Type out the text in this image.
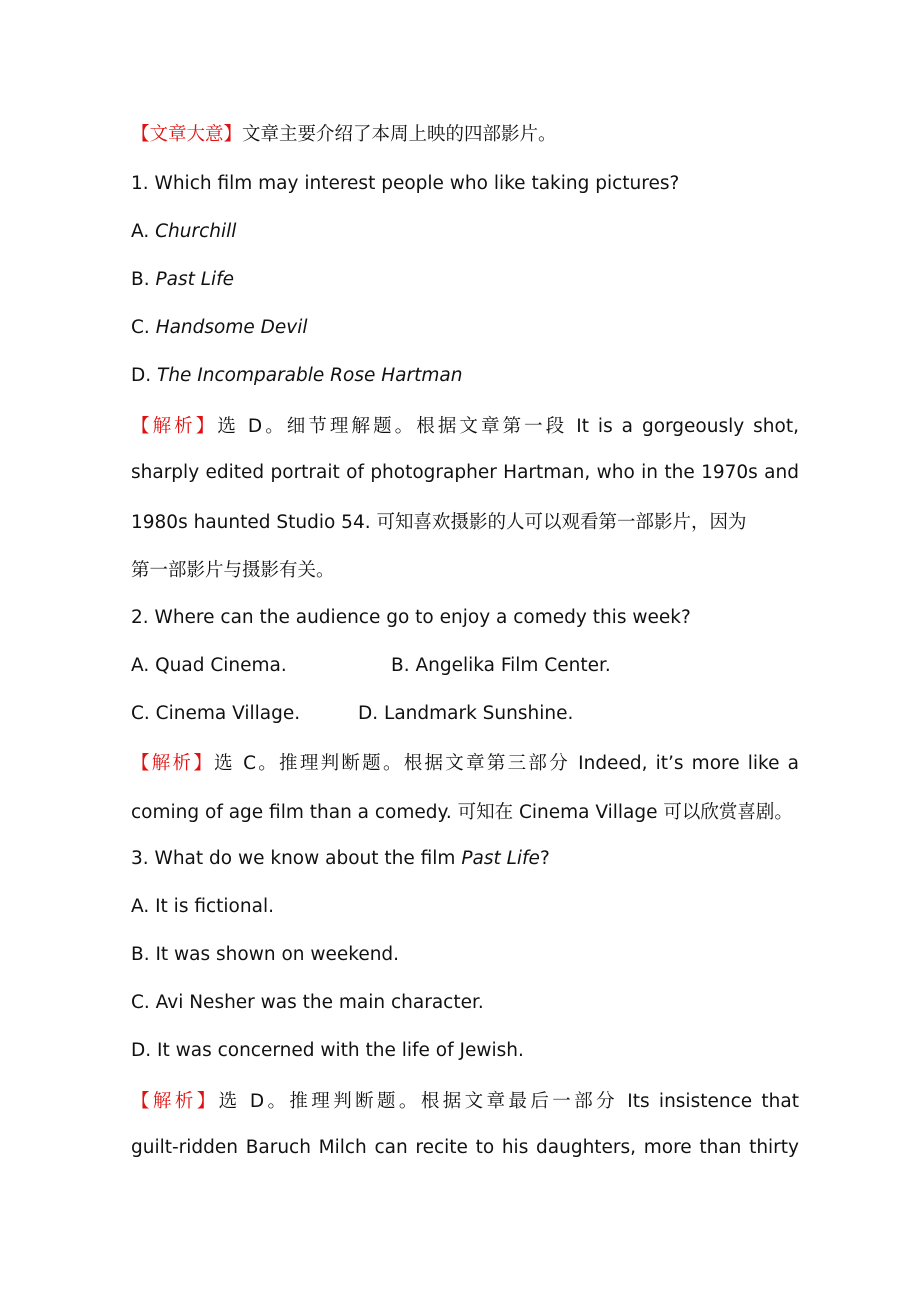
【文章大意】文章主要介绍了本周上映的四部影片。
1. Which film may interest people who like taking pictures?
A. Churchill
B. Past Life
C. Handsome Devil
D. The Incomparable Rose Hartman
【解析】选 D。细节理解题。根据文章第一段 It is a gorgeously shot,
sharply edited portrait of photographer Hartman, who in the 1970s and
1980s haunted Studio 54. 可知喜欢摄影的人可以观看第一部影片，因为
第一部影片与摄影有关。
2. Where can the audience go to enjoy a comedy this week?
A. Quad Cinema.	B. Angelika Film Center.
C. Cinema Village.	D. Landmark Sunshine.
【解析】选 C。推理判断题。根据文章第三部分 Indeed, it’s more like a
coming of age film than a comedy. 可知在 Cinema Village 可以欣赏喜剧。
3. What do we know about the film Past Life?
A. It is fictional.
B. It was shown on weekend.
C. Avi Nesher was the main character.
D. It was concerned with the life of Jewish.
【解析】选 D。推理判断题。根据文章最后一部分 Its insistence that
guilt-ridden Baruch Milch can recite to his daughters, more than thirty
